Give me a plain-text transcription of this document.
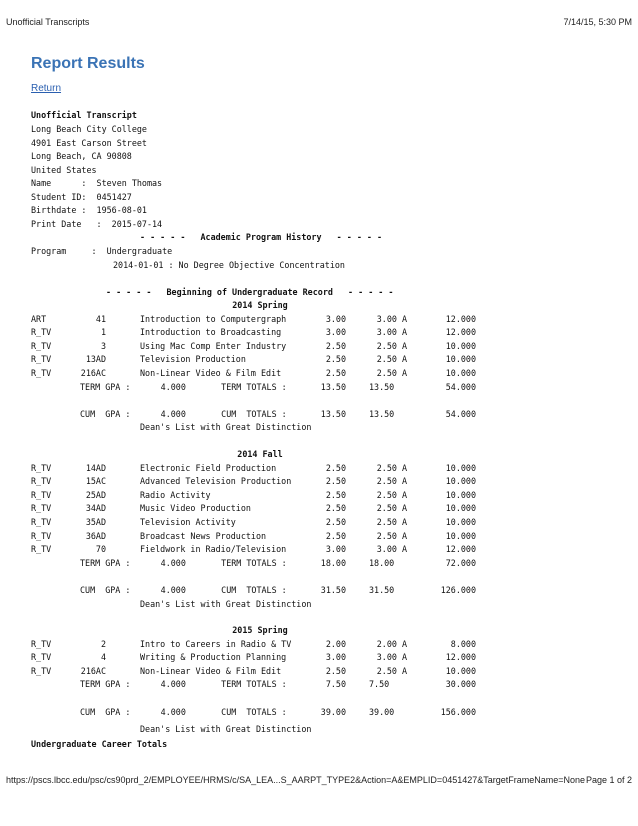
Unofficial Transcripts	7/14/15, 5:30 PM
Report Results
Return
Unofficial Transcript
Long Beach City College
4901 East Carson Street
Long Beach, CA 90808
United States
Name      :  Steven Thomas
Student ID:  0451427
Birthdate :  1956-08-01
Print Date   :  2015-07-14
- - - - -   Academic Program History   - - - - -
Program     :  Undergraduate
2014-01-01 : No Degree Objective Concentration
- - - - -   Beginning of Undergraduate Record   - - - - -
Undergraduate Career Totals
2014 Spring
ART	41	Introduction to Computergraph	3.00	3.00 A	12.000
R_TV	1	Introduction to Broadcasting	3.00	3.00 A	12.000
R_TV	3	Using Mac Comp Enter Industry	2.50	2.50 A	10.000
R_TV	13AD	Television Production	2.50	2.50 A	10.000
R_TV	216AC	Non-Linear Video & Film Edit	2.50	2.50 A	10.000
TERM GPA :      4.000       TERM TOTALS :	13.50	13.50	54.000
CUM  GPA :      4.000       CUM  TOTALS :	13.50	13.50	54.000
Dean's List with Great Distinction
2014 Fall
R_TV	14AD	Electronic Field Production	2.50	2.50 A	10.000
R_TV	15AC	Advanced Television Production	2.50	2.50 A	10.000
R_TV	25AD	Radio Activity	2.50	2.50 A	10.000
R_TV	34AD	Music Video Production	2.50	2.50 A	10.000
R_TV	35AD	Television Activity	2.50	2.50 A	10.000
R_TV	36AD	Broadcast News Production	2.50	2.50 A	10.000
R_TV	70	Fieldwork in Radio/Television	3.00	3.00 A	12.000
TERM GPA :      4.000       TERM TOTALS :	18.00	18.00	72.000
CUM  GPA :      4.000       CUM  TOTALS :	31.50	31.50	126.000
Dean's List with Great Distinction
2015 Spring
R_TV	2	Intro to Careers in Radio & TV	2.00	2.00 A	8.000
R_TV	4	Writing & Production Planning	3.00	3.00 A	12.000
R_TV	216AC	Non-Linear Video & Film Edit	2.50	2.50 A	10.000
TERM GPA :      4.000       TERM TOTALS :	7.50	7.50	30.000
CUM  GPA :      4.000       CUM  TOTALS :	39.00	39.00	156.000
Dean's List with Great Distinction
https://pscs.lbcc.edu/psc/cs90prd_2/EMPLOYEE/HRMS/c/SA_LEA...S_AARPT_TYPE2&Action=A&EMPLID=0451427&TargetFrameName=None Page 1 of 2
